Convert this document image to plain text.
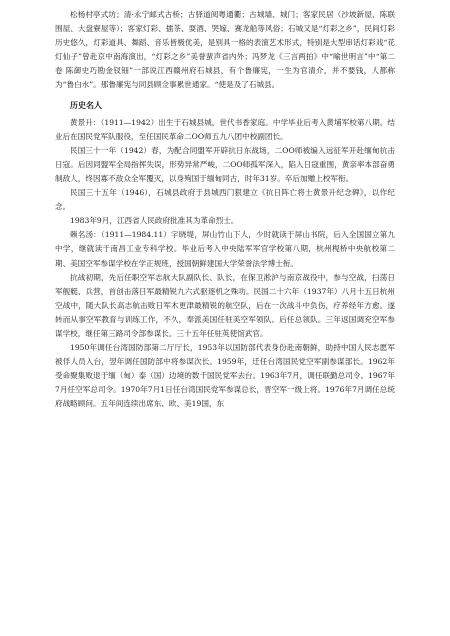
松杨村亭式坊；清·永宁邮式古桥；古驿道阅粤通衢；古城墙、城门；客家民居（沙坡新屋、陈联围屋、大盘寮屋等）；客家灯彩、擂茶、耍酒、哭嫁、赛龙船等风俗；石城又是“灯彩之乡”，民间灯彩历史悠久，灯彩道具、舞蹈、音乐皆极优美，是别具一格的表演艺术形式，特别是大型串话灯彩戏“花灯仙子”曾赴京中南海演出，“灯彩之乡”美誉蜚声省内外；冯梦龙《三言两拍》中“喻世明言”中“第二卷 陈御史巧勘金钗钿”一部说江西赣州府石城县，有个鲁廉宪，一生为官清介，并不要钱，人都称为“鲁白水”。那鲁廉宪与同县顾佥事累世通家。“使是及了石城县。

历史名人

黄景升：（1911—1942）出生于石城县城，世代书香家庭。中学毕业后考入黄埔军校第八期。结业后在国民党军队服役，至任国民革命二OO师五九八团中校副团长。

民国三十一年（1942）春，为配合同盟军开辟抗日东战场，二OO师被编入远征军开赴缅甸抗击日寇。后因同盟军全局指挥失误，形势异常严峻，二OO师孤军深入，陷入日寇重围，黄亲率本部奋勇制敌人，终因寡不敌众全军覆灭，以身殉国于缅甸同古，时年31岁。卒后加赠上校军衔。

民国三十五年（1946），石城县政府于县城西门狠建立《抗日阵亡将士黄景升纪念碑》，以作纪念。

1983年9月，江西省人民政府批准其为革命烈士。

赖名汤：（1911—1984.11）字晓堤，屏山竹山下人，少时就读于屏山书院，后入全国国立第九中学，继就读于南昌工业专科学校。毕业后考入中央陆军军官学校第八期，杭州枧桥中央航校第二期、美国空军参谋学校在学正规班，授国朝鲜建国大学荣誉法学博士衔。

抗战初期，先后任职空军志航大队副队长、队长，在保卫淞沪与南京战役中，参与空战，扫荡日军舰艇、兵营，首创击落日军最精锐九六式驱逐机之殊功。民国二十六年（1937年）八月十五日杭州空战中，随大队长高志航击败日军木更津最精锐的航空队，后在一次战斗中负伤，疗养经年方愈。遂转而从事空军教育与训练工作，不久，奉派美国任驻美空军领队。后任总领队。三年返国调充空军参谋学校，继任第三路司令部参谋长。三十五年任驻英使馆武官。

1950年调任台湾国防部第二厅厅长，1953年以国防部代表身份赴南朝鲜，助持中国人民志愿军被俘人员入台，翌年调任国防部中将参谋次长。1959年，迁任台湾国民党空军副参谋部长。1962年受命聚集败退于缅（甸）泰（国）边境的数千国民党军去台。1963年7月，调任联勤总司令。1967年7月任空军总司令。1970年7月1日任台湾国民党军参谋总长，晋空军一级上将。1976年7月调任总统府战略顾问。五年间连续出席东、欧、美19国，东
